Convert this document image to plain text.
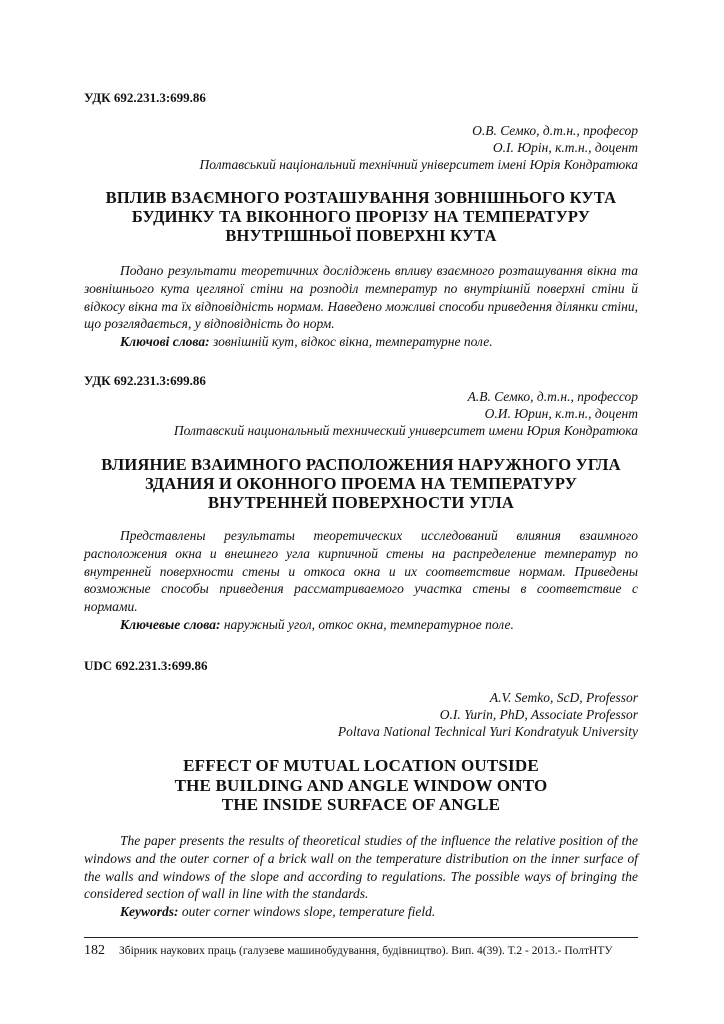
УДК 692.231.3:699.86
О.В. Семко, д.т.н., професор
О.І. Юрін, к.т.н., доцент
Полтавський національний технічний університет імені Юрія Кондратюка
ВПЛИВ ВЗАЄМНОГО РОЗТАШУВАННЯ ЗОВНІШНЬОГО КУТА
БУДИНКУ ТА ВІКОННОГО ПРОРІЗУ НА ТЕМПЕРАТУРУ
ВНУТРІШНЬОЇ ПОВЕРХНІ КУТА

Подано результати теоретичних досліджень впливу взаємного розташування вікна та зовнішнього кута цегляної стіни на розподіл температур по внутрішній поверхні стіни й відкосу вікна та їх відповідність нормам. Наведено можливі способи приведення ділянки стіни, що розглядається, у відповідність до норм.

Ключові слова: зовнішній кут, відкос вікна, температурне поле.

УДК 692.231.3:699.86
А.В. Семко, д.т.н., профессор
О.И. Юрин, к.т.н., доцент
Полтавский национальный технический университет имени Юрия Кондратюка
ВЛИЯНИЕ ВЗАИМНОГО РАСПОЛОЖЕНИЯ НАРУЖНОГО УГЛА
ЗДАНИЯ И ОКОННОГО ПРОЕМА НА ТЕМПЕРАТУРУ
ВНУТРЕННЕЙ ПОВЕРХНОСТИ УГЛА

Представлены результаты теоретических исследований влияния взаимного расположения окна и внешнего угла кирпичной стены на распределение температур по внутренней поверхности стены и откоса окна и их соответствие нормам. Приведены возможные способы приведения рассматриваемого участка стены в соответствие с нормами.

Ключевые слова: наружный угол, откос окна, температурное поле.

UDC 692.231.3:699.86
A.V. Semko, ScD, Professor
O.I. Yurin, PhD, Associate Professor
Poltava National Technical Yuri Kondratyuk University
EFFECT OF MUTUAL LOCATION OUTSIDE
THE BUILDING AND ANGLE WINDOW ONTO
THE INSIDE SURFACE OF ANGLE

The paper presents the results of theoretical studies of the influence the relative position of the windows and the outer corner of a brick wall on the temperature distribution on the inner surface of the walls and windows of the slope and according to regulations. The possible ways of bringing the considered section of wall in line with the standards.

Keywords: outer corner windows slope, temperature field.

182 Збірник наукових праць (галузеве машинобудування, будівництво). Вип. 4(39). Т.2 - 2013.- ПолтНТУ
